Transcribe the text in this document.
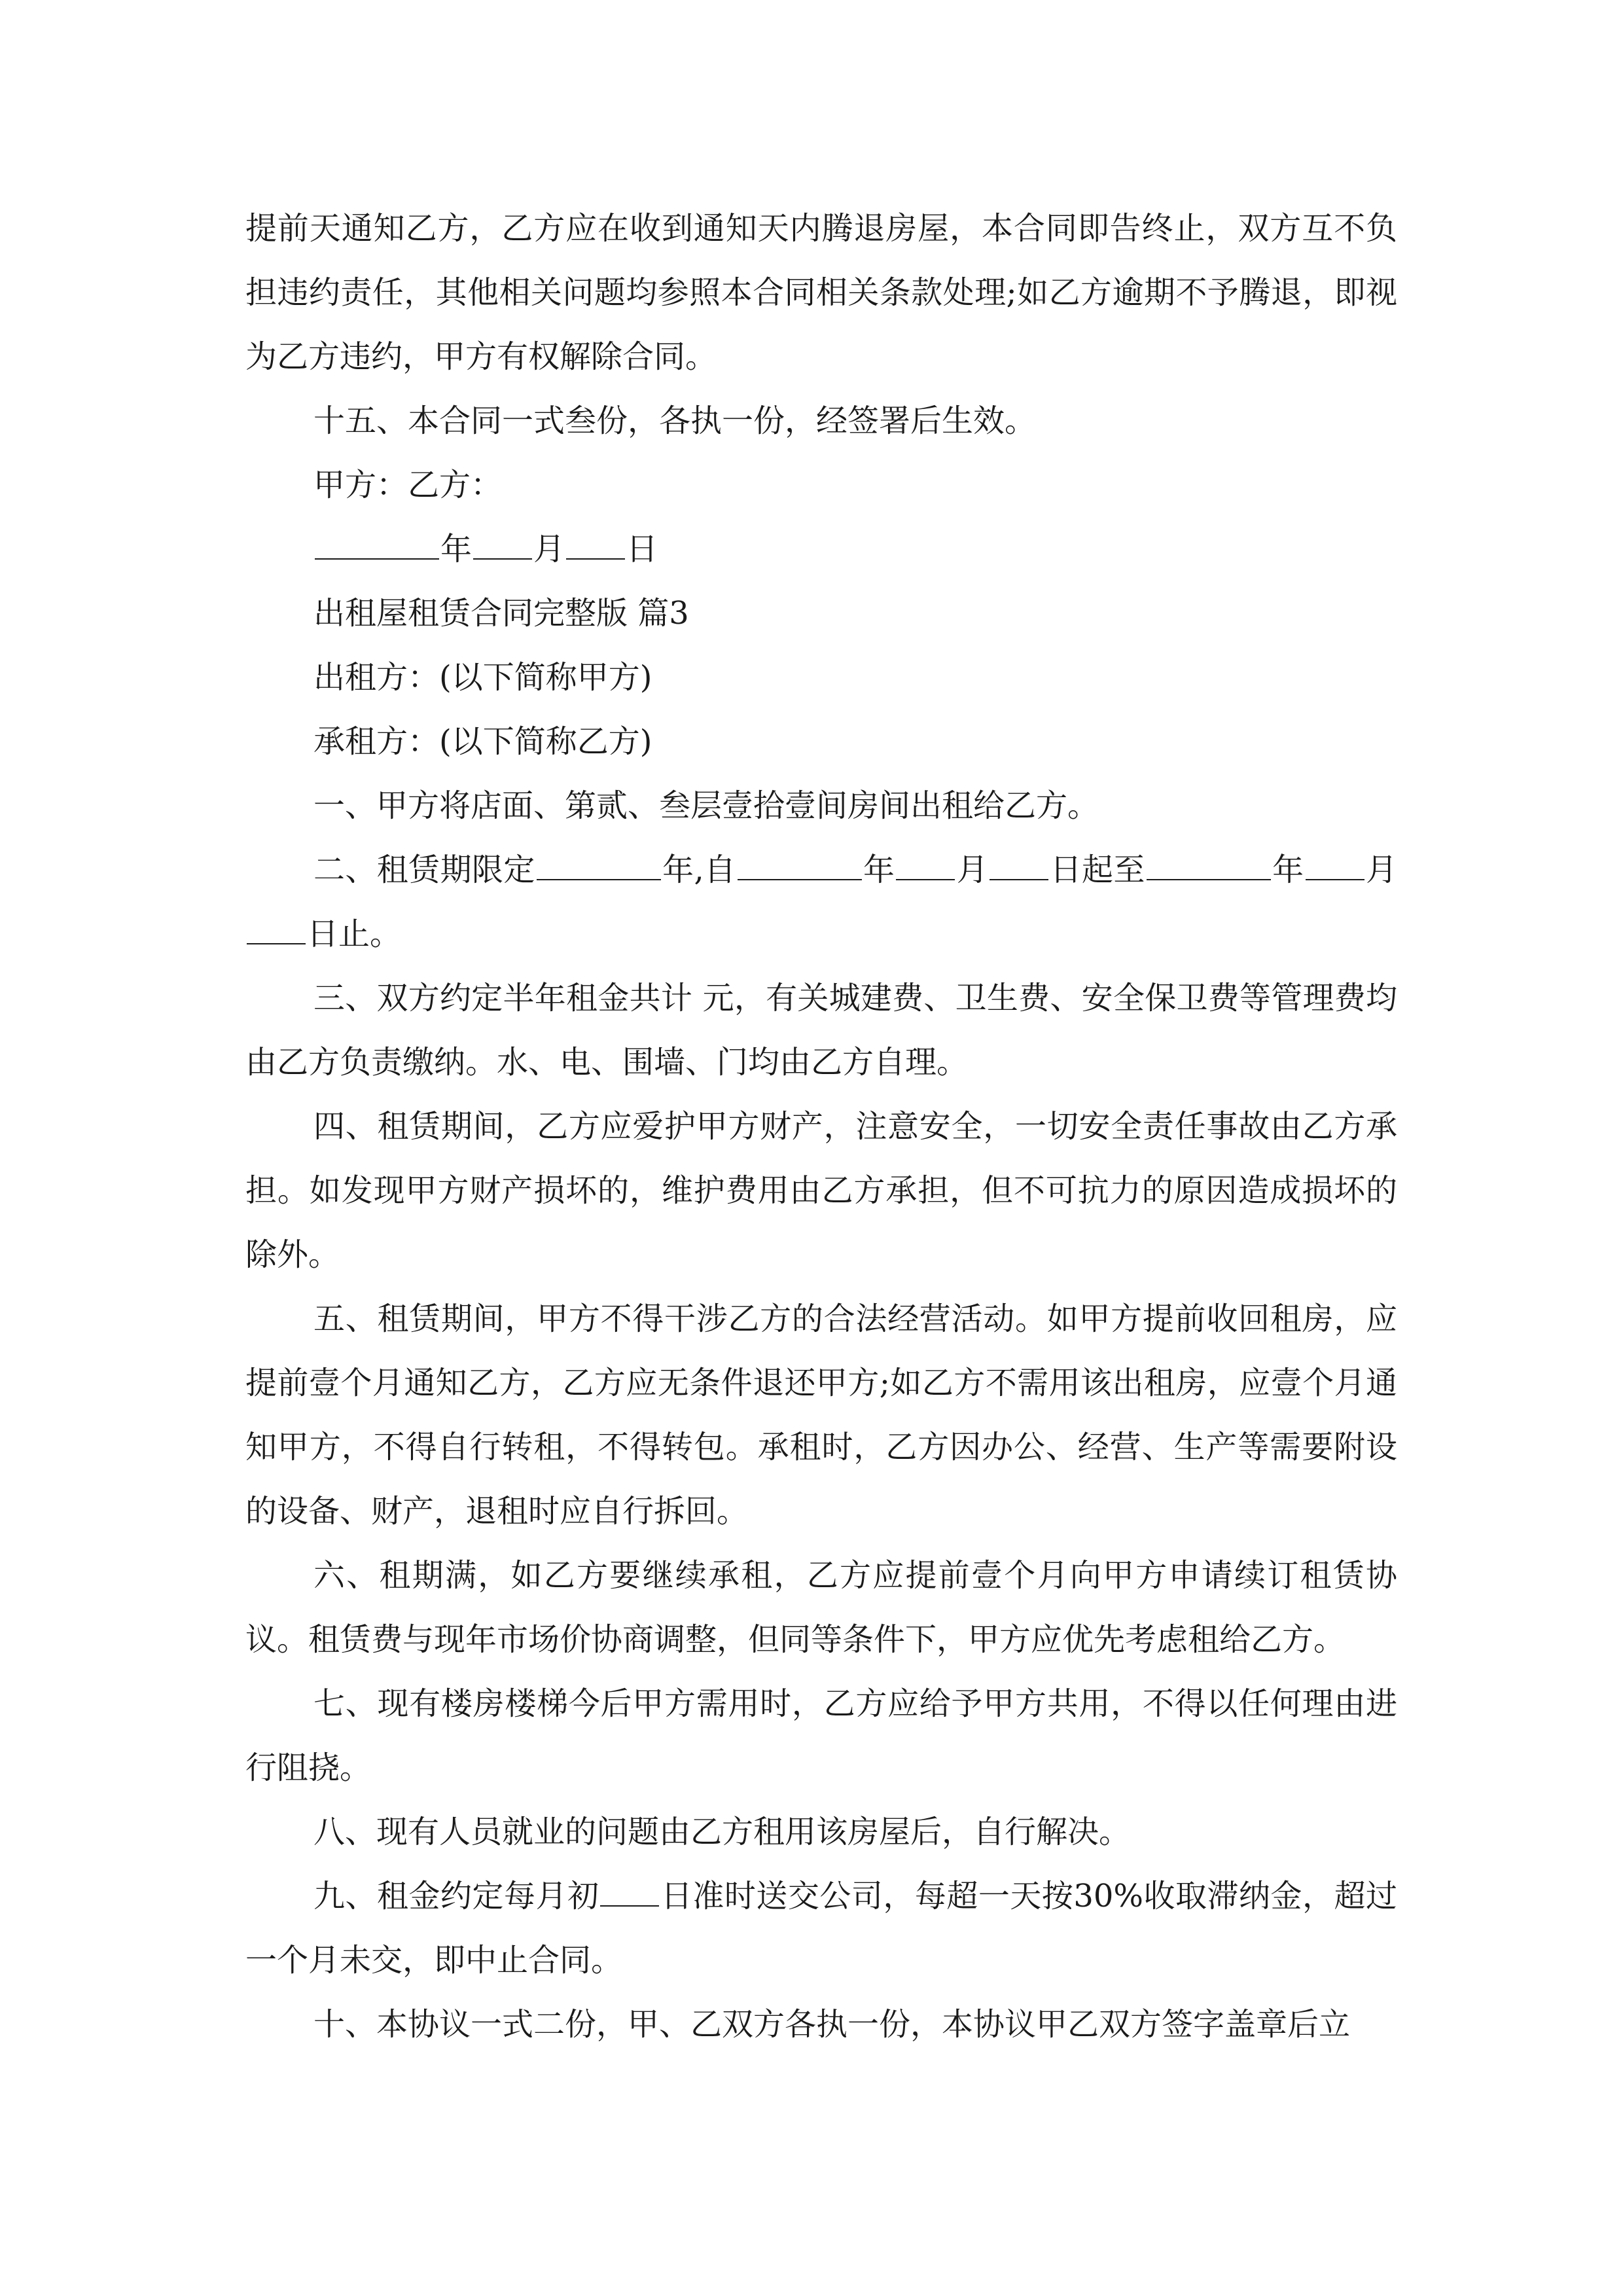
提前天通知乙方，乙方应在收到通知天内腾退房屋，本合同即告终止，双方互不负担违约责任，其他相关问题均参照本合同相关条款处理;如乙方逾期不予腾退，即视为乙方违约，甲方有权解除合同。

十五、本合同一式叁份，各执一份，经签署后生效。

甲方：乙方：

年 月 日

出租屋租赁合同完整版 篇3

出租方：(以下简称甲方)

承租方：(以下简称乙方)

一、甲方将店面、第贰、叁层壹拾壹间房间出租给乙方。

二、租赁期限定	年,自	年 月 日起至	年 月日止。

三、双方约定半年租金共计 元，有关城建费、卫生费、安全保卫费等管理费均由乙方负责缴纳。水、电、围墙、门均由乙方自理。

四、租赁期间，乙方应爱护甲方财产，注意安全，一切安全责任事故由乙方承担。如发现甲方财产损坏的，维护费用由乙方承担，但不可抗力的原因造成损坏的除外。

五、租赁期间，甲方不得干涉乙方的合法经营活动。如甲方提前收回租房，应提前壹个月通知乙方，乙方应无条件退还甲方;如乙方不需用该出租房，应壹个月通知甲方，不得自行转租，不得转包。承租时，乙方因办公、经营、生产等需要附设的设备、财产，退租时应自行拆回。

六、租期满，如乙方要继续承租，乙方应提前壹个月向甲方申请续订租赁协议。租赁费与现年市场价协商调整，但同等条件下，甲方应优先考虑租给乙方。

七、现有楼房楼梯今后甲方需用时，乙方应给予甲方共用，不得以任何理由进行阻挠。

八、现有人员就业的问题由乙方租用该房屋后，自行解决。

九、租金约定每月初 日准时送交公司，每超一天按30%收取滞纳金，超过一个月未交，即中止合同。

十、本协议一式二份，甲、乙双方各执一份，本协议甲乙双方签字盖章后立
